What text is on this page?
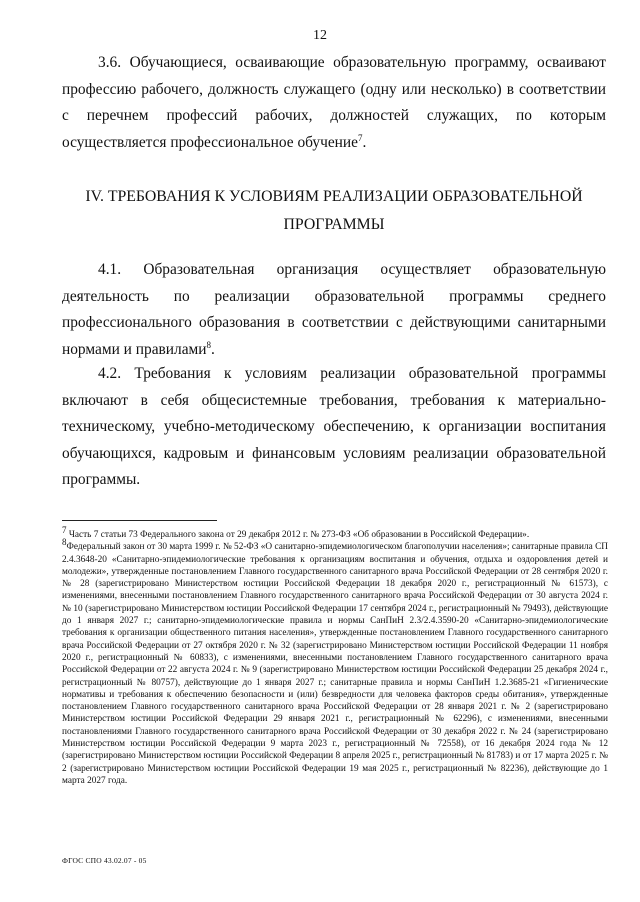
12

3.6. Обучающиеся, осваивающие образовательную программу, осваивают профессию рабочего, должность служащего (одну или несколько) в соответствии с перечнем профессий рабочих, должностей служащих, по которым осуществляется профессиональное обучение$^7$.

IV. ТРЕБОВАНИЯ К УСЛОВИЯМ РЕАЛИЗАЦИИ ОБРАЗОВАТЕЛЬНОЙ
ПРОГРАММЫ

4.1. Образовательная организация осуществляет образовательную деятельность по реализации образовательной программы среднего профессионального образования в соответствии с действующими санитарными нормами и правилами$^8$.

4.2. Требования к условиям реализации образовательной программы включают в себя общесистемные требования, требования к материально-техническому, учебно-методическому обеспечению, к организации воспитания обучающихся, кадровым и финансовым условиям реализации образовательной программы.

$^7$ Часть 7 статьи 73 Федерального закона от 29 декабря 2012 г. № 273-ФЗ «Об образовании в Российской Федерации».

$^8$Федеральный закон от 30 марта 1999 г. № 52-ФЗ «О санитарно-эпидемиологическом благополучии населения»; санитарные правила СП 2.4.3648-20 «Санитарно-эпидемиологические требования к организациям воспитания и обучения, отдыха и оздоровления детей и молодежи», утвержденные постановлением Главного государственного санитарного врача Российской Федерации от 28 сентября 2020 г. № 28 (зарегистрировано Министерством юстиции Российской Федерации 18 декабря 2020 г., регистрационный № 61573), с изменениями, внесенными постановлением Главного государственного санитарного врача Российской Федерации от 30 августа 2024 г. № 10 (зарегистрировано Министерством юстиции Российской Федерации 17 сентября 2024 г., регистрационный № 79493), действующие до 1 января 2027 г.; санитарно-эпидемиологические правила и нормы СанПиН 2.3/2.4.3590-20 «Санитарно-эпидемиологические требования к организации общественного питания населения», утвержденные постановлением Главного государственного санитарного врача Российской Федерации от 27 октября 2020 г. № 32 (зарегистрировано Министерством юстиции Российской Федерации 11 ноября 2020 г., регистрационный № 60833), с изменениями, внесенными постановлением Главного государственного санитарного врача Российской Федерации от 22 августа 2024 г. № 9 (зарегистрировано Министерством юстиции Российской Федерации 25 декабря 2024 г., регистрационный № 80757), действующие до 1 января 2027 г.; санитарные правила и нормы СанПиН 1.2.3685-21 «Гигиенические нормативы и требования к обеспечению безопасности и (или) безвредности для человека факторов среды обитания», утвержденные постановлением Главного государственного санитарного врача Российской Федерации от 28 января 2021 г. № 2 (зарегистрировано Министерством юстиции Российской Федерации 29 января 2021 г., регистрационный № 62296), с изменениями, внесенными постановлениями Главного государственного санитарного врача Российской Федерации от 30 декабря 2022 г. № 24 (зарегистрировано Министерством юстиции Российской Федерации 9 марта 2023 г., регистрационный № 72558), от 16 декабря 2024 года № 12 (зарегистрировано Министерством юстиции Российской Федерации 8 апреля 2025 г., регистрационный № 81783) и от 17 марта 2025 г. № 2 (зарегистрировано Министерством юстиции Российской Федерации 19 мая 2025 г., регистрационный № 82236), действующие до 1 марта 2027 года.

ФГОС СПО 43.02.07 - 05
